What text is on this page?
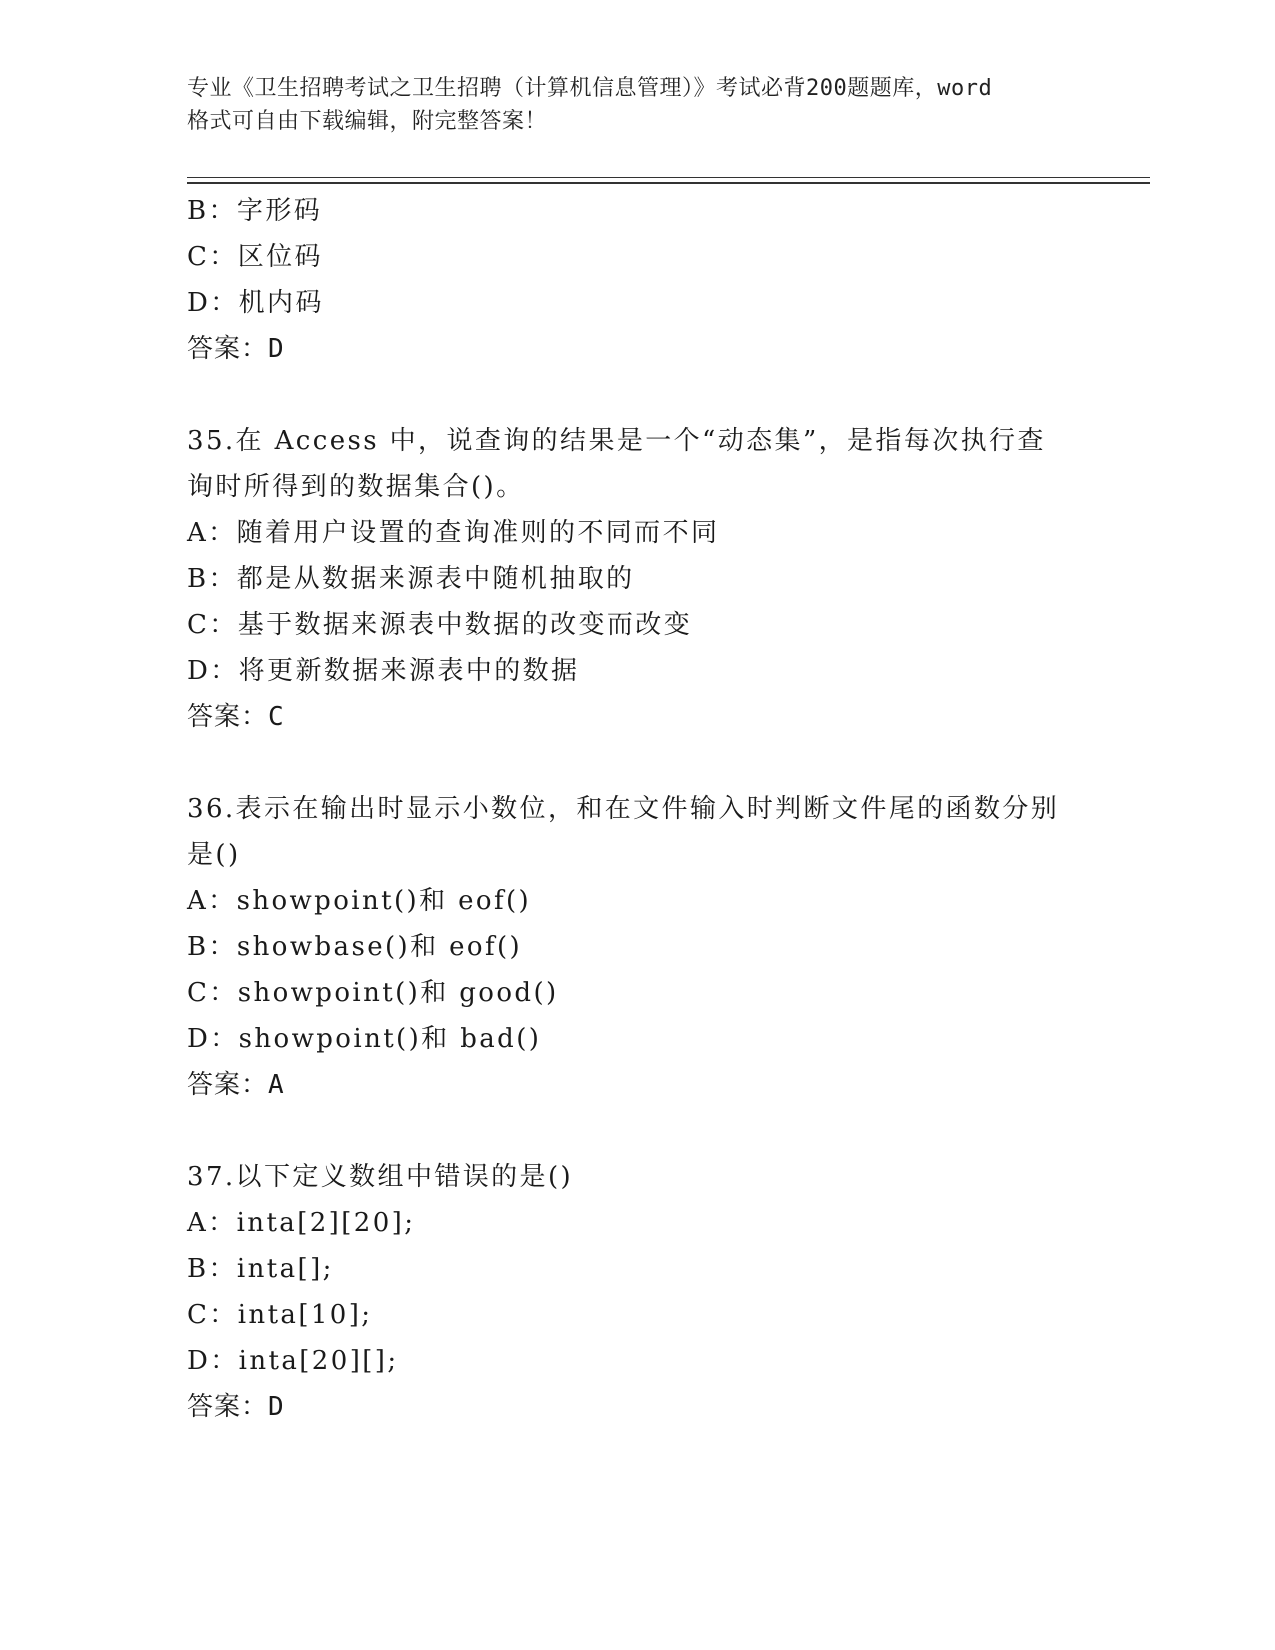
专业《卫生招聘考试之卫生招聘（计算机信息管理）》考试必背200题题库，word
格式可自由下载编辑，附完整答案！
B：字形码
C：区位码
D：机内码
答案：D
35.在 Access 中，说查询的结果是一个“动态集”，是指每次执行查
询时所得到的数据集合()。
A：随着用户设置的查询准则的不同而不同
B：都是从数据来源表中随机抽取的
C：基于数据来源表中数据的改变而改变
D：将更新数据来源表中的数据
答案：C
36.表示在输出时显示小数位，和在文件输入时判断文件尾的函数分别
是()
A：showpoint()和 eof()
B：showbase()和 eof()
C：showpoint()和 good()
D：showpoint()和 bad()
答案：A
37.以下定义数组中错误的是()
A：inta[2][20];
B：inta[];
C：inta[10];
D：inta[20][];
答案：D
